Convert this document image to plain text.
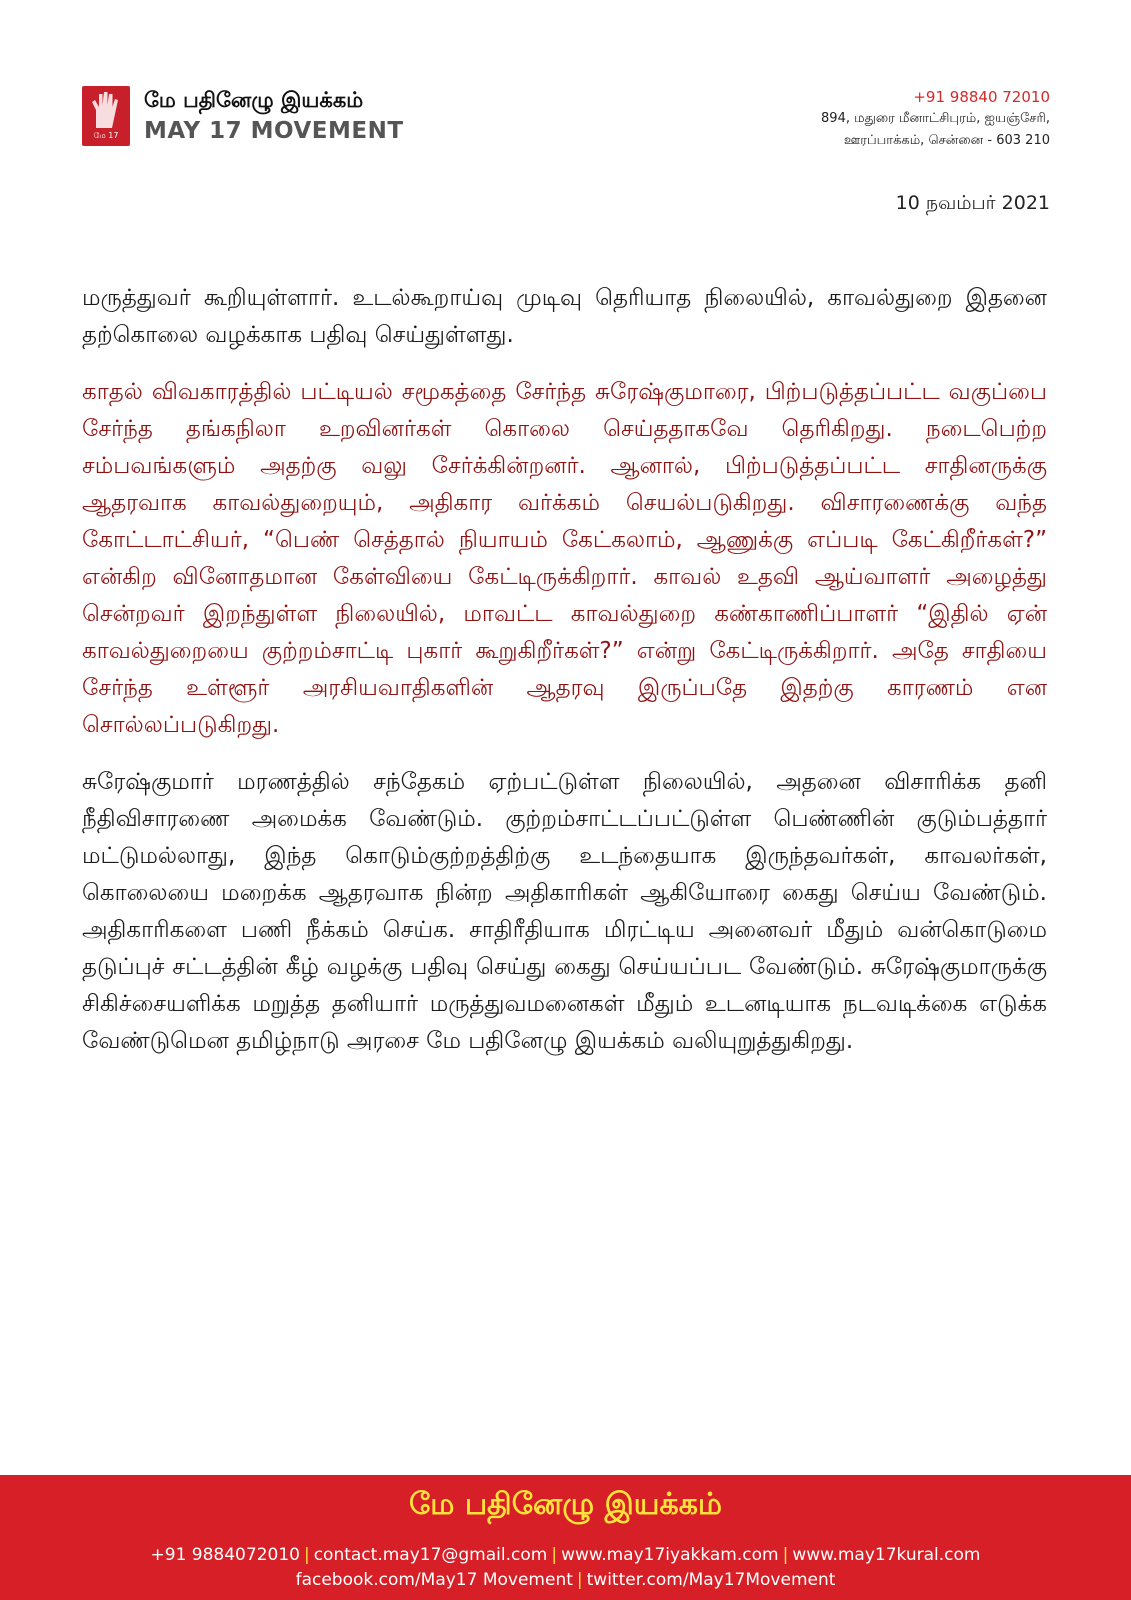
மே 17
மே பதினேழு இயக்கம்
MAY 17 MOVEMENT
+91 98840 72010
894, மதுரை மீனாட்சிபுரம், ஐயஞ்சேரி,
ஊரப்பாக்கம், சென்னை - 603 210
10 நவம்பர் 2021

மருத்துவர் கூறியுள்ளார். உடல்கூறாய்வு முடிவு தெரியாத நிலையில், காவல்துறை இதனை தற்கொலை வழக்காக பதிவு செய்துள்ளது.

காதல் விவகாரத்தில் பட்டியல் சமூகத்தை சேர்ந்த சுரேஷ்குமாரை, பிற்படுத்தப்பட்ட வகுப்பை சேர்ந்த தங்கநிலா உறவினர்கள் கொலை செய்ததாகவே தெரிகிறது. நடைபெற்ற சம்பவங்களும் அதற்கு வலு சேர்க்கின்றனர். ஆனால், பிற்படுத்தப்பட்ட சாதினருக்கு ஆதரவாக காவல்துறையும், அதிகார வர்க்கம் செயல்படுகிறது. விசாரணைக்கு வந்த கோட்டாட்சியர், “பெண் செத்தால் நியாயம் கேட்கலாம், ஆணுக்கு எப்படி கேட்கிறீர்கள்?” என்கிற வினோதமான கேள்வியை கேட்டிருக்கிறார். காவல் உதவி ஆய்வாளர் அழைத்து சென்றவர் இறந்துள்ள நிலையில், மாவட்ட காவல்துறை கண்காணிப்பாளர் “இதில் ஏன் காவல்துறையை குற்றம்சாட்டி புகார் கூறுகிறீர்கள்?” என்று கேட்டிருக்கிறார். அதே சாதியை சேர்ந்த உள்ளூர் அரசியவாதிகளின் ஆதரவு இருப்பதே இதற்கு காரணம் என சொல்லப்படுகிறது.

சுரேஷ்குமார் மரணத்தில் சந்தேகம் ஏற்பட்டுள்ள நிலையில், அதனை விசாரிக்க தனி நீதிவிசாரணை அமைக்க வேண்டும். குற்றம்சாட்டப்பட்டுள்ள பெண்ணின் குடும்பத்தார் மட்டுமல்லாது, இந்த கொடும்குற்றத்திற்கு உடந்தையாக இருந்தவர்கள், காவலர்கள், கொலையை மறைக்க ஆதரவாக நின்ற அதிகாரிகள் ஆகியோரை கைது செய்ய வேண்டும். அதிகாரிகளை பணி நீக்கம் செய்க. சாதிரீதியாக மிரட்டிய அனைவர் மீதும் வன்கொடுமை தடுப்புச் சட்டத்தின் கீழ் வழக்கு பதிவு செய்து கைது செய்யப்பட வேண்டும். சுரேஷ்குமாருக்கு சிகிச்சையளிக்க மறுத்த தனியார் மருத்துவமனைகள் மீதும் உடனடியாக நடவடிக்கை எடுக்க வேண்டுமென தமிழ்நாடு அரசை மே பதினேழு இயக்கம் வலியுறுத்துகிறது.

மே பதினேழு இயக்கம்
+91 9884072010 | contact.may17@gmail.com | www.may17iyakkam.com | www.may17kural.com
facebook.com/May17 Movement | twitter.com/May17Movement
